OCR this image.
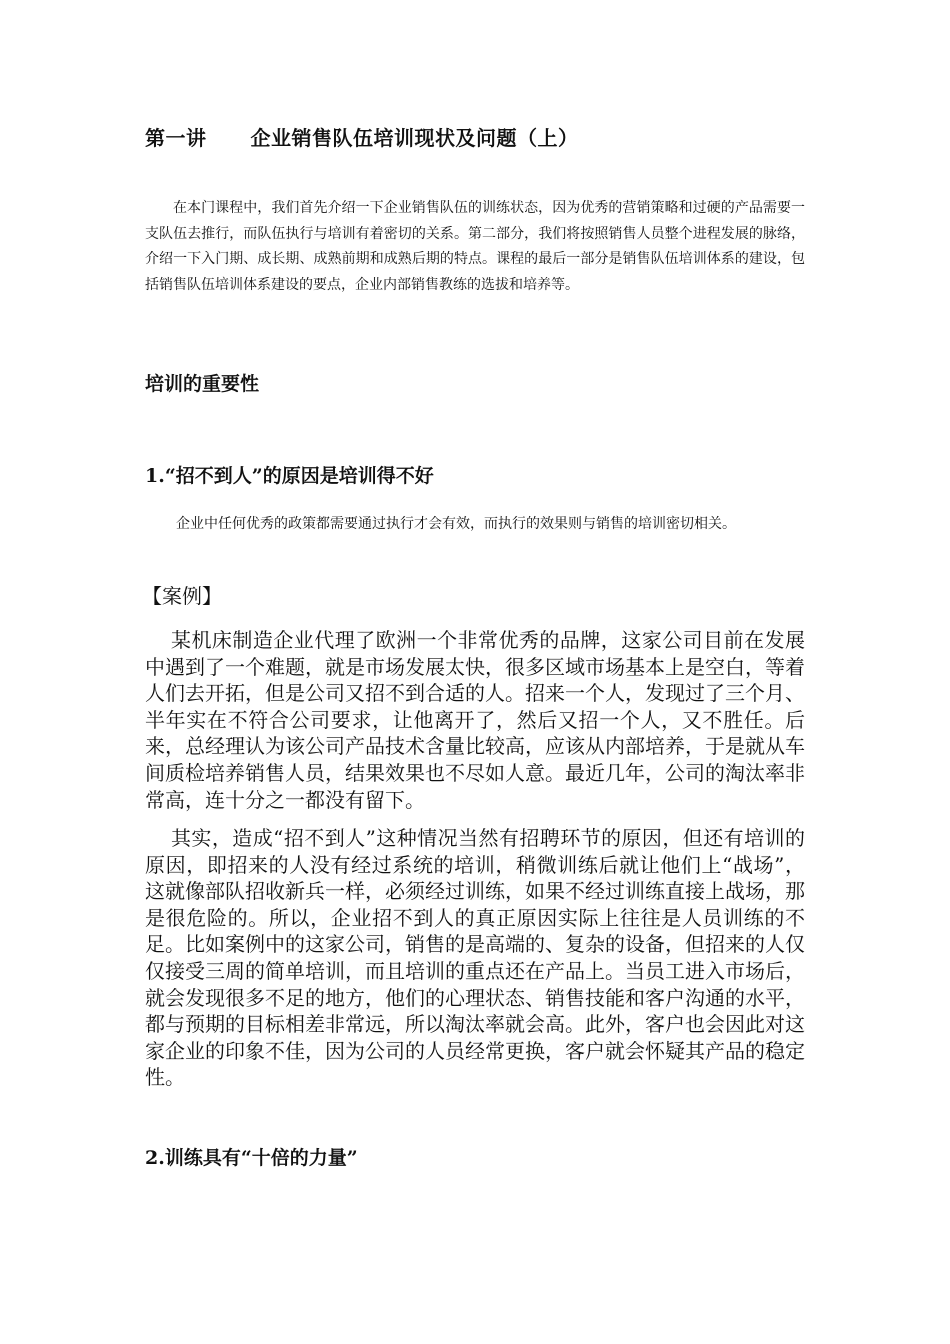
第一讲 企业销售队伍培训现状及问题（上）

在本门课程中，我们首先介绍一下企业销售队伍的训练状态，因为优秀的营销策略和过硬的产品需要一支队伍去推行，而队伍执行与培训有着密切的关系。第二部分，我们将按照销售人员整个进程发展的脉络，介绍一下入门期、成长期、成熟前期和成熟后期的特点。课程的最后一部分是销售队伍培训体系的建设，包括销售队伍培训体系建设的要点，企业内部销售教练的选拔和培养等。

培训的重要性
1.“招不到人”的原因是培训得不好

企业中任何优秀的政策都需要通过执行才会有效，而执行的效果则与销售的培训密切相关。

【案例】

某机床制造企业代理了欧洲一个非常优秀的品牌，这家公司目前在发展中遇到了一个难题，就是市场发展太快，很多区域市场基本上是空白，等着人们去开拓，但是公司又招不到合适的人。招来一个人，发现过了三个月、半年实在不符合公司要求，让他离开了，然后又招一个人，又不胜任。后来，总经理认为该公司产品技术含量比较高，应该从内部培养，于是就从车间质检培养销售人员，结果效果也不尽如人意。最近几年，公司的淘汰率非常高，连十分之一都没有留下。

其实，造成“招不到人”这种情况当然有招聘环节的原因，但还有培训的原因，即招来的人没有经过系统的培训，稍微训练后就让他们上“战场”，这就像部队招收新兵一样，必须经过训练，如果不经过训练直接上战场，那是很危险的。所以，企业招不到人的真正原因实际上往往是人员训练的不足。比如案例中的这家公司，销售的是高端的、复杂的设备，但招来的人仅仅接受三周的简单培训，而且培训的重点还在产品上。当员工进入市场后，就会发现很多不足的地方，他们的心理状态、销售技能和客户沟通的水平，都与预期的目标相差非常远，所以淘汰率就会高。此外，客户也会因此对这家企业的印象不佳，因为公司的人员经常更换，客户就会怀疑其产品的稳定性。

2.训练具有“十倍的力量”
